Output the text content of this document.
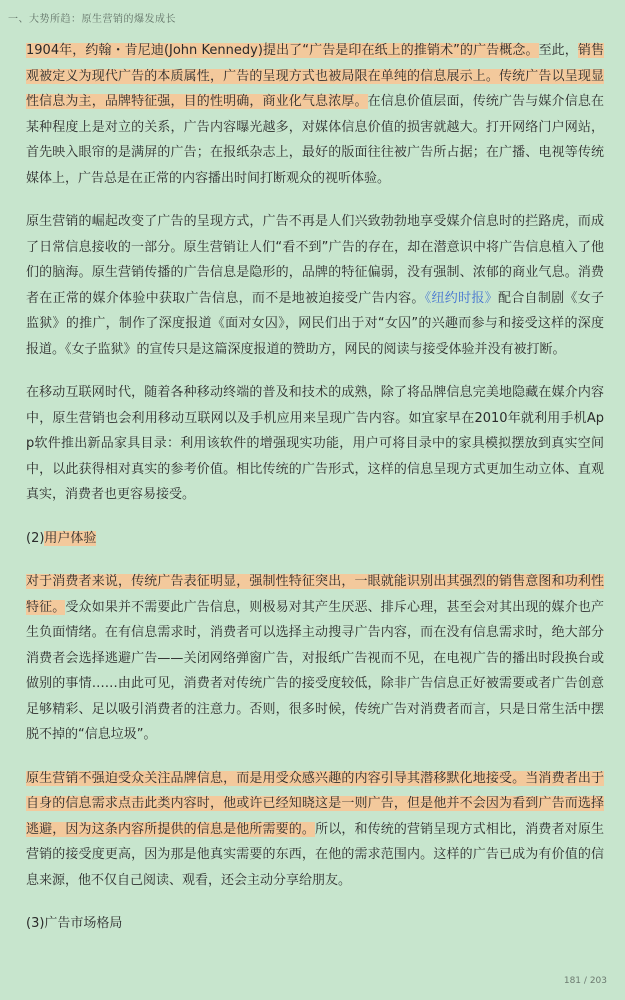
一、大势所趋：原生营销的爆发成长

1904年，约翰・肯尼迪(John Kennedy)提出了“广告是印在纸上的推销术”的广告概念。至此，销售观被定义为现代广告的本质属性，广告的呈现方式也被局限在单纯的信息展示上。传统广告以呈现显性信息为主，品牌特征强，目的性明确，商业化气息浓厚。在信息价值层面，传统广告与媒介信息在某种程度上是对立的关系，广告内容曝光越多，对媒体信息价值的损害就越大。打开网络门户网站，首先映入眼帘的是满屏的广告；在报纸杂志上，最好的版面往往被广告所占据；在广播、电视等传统媒体上，广告总是在正常的内容播出时间打断观众的视听体验。

原生营销的崛起改变了广告的呈现方式，广告不再是人们兴致勃勃地享受媒介信息时的拦路虎，而成了日常信息接收的一部分。原生营销让人们“看不到”广告的存在，却在潜意识中将广告信息植入了他们的脑海。原生营销传播的广告信息是隐形的，品牌的特征偏弱，没有强制、浓郁的商业气息。消费者在正常的媒介体验中获取广告信息，而不是地被迫接受广告内容。《纽约时报》配合自制剧《女子监狱》的推广，制作了深度报道《面对女囚》，网民们出于对“女囚”的兴趣而参与和接受这样的深度报道。《女子监狱》的宣传只是这篇深度报道的赞助方，网民的阅读与接受体验并没有被打断。

在移动互联网时代，随着各种移动终端的普及和技术的成熟，除了将品牌信息完美地隐藏在媒介内容中，原生营销也会利用移动互联网以及手机应用来呈现广告内容。如宜家早在2010年就利用手机App软件推出新品家具目录：利用该软件的增强现实功能，用户可将目录中的家具模拟摆放到真实空间中，以此获得相对真实的参考价值。相比传统的广告形式，这样的信息呈现方式更加生动立体、直观真实，消费者也更容易接受。

(2)用户体验

对于消费者来说，传统广告表征明显，强制性特征突出，一眼就能识别出其强烈的销售意图和功利性特征。受众如果并不需要此广告信息，则极易对其产生厌恶、排斥心理，甚至会对其出现的媒介也产生负面情绪。在有信息需求时，消费者可以选择主动搜寻广告内容，而在没有信息需求时，绝大部分消费者会选择逃避广告——关闭网络弹窗广告，对报纸广告视而不见，在电视广告的播出时段换台或做别的事情……由此可见，消费者对传统广告的接受度较低，除非广告信息正好被需要或者广告创意足够精彩、足以吸引消费者的注意力。否则，很多时候，传统广告对消费者而言，只是日常生活中摆脱不掉的“信息垃圾”。

原生营销不强迫受众关注品牌信息，而是用受众感兴趣的内容引导其潜移默化地接受。当消费者出于自身的信息需求点击此类内容时，他或许已经知晓这是一则广告，但是他并不会因为看到广告而选择逃避，因为这条内容所提供的信息是他所需要的。所以，和传统的营销呈现方式相比，消费者对原生营销的接受度更高，因为那是他真实需要的东西，在他的需求范围内。这样的广告已成为有价值的信息来源，他不仅自己阅读、观看，还会主动分享给朋友。

(3)广告市场格局

181 / 203
